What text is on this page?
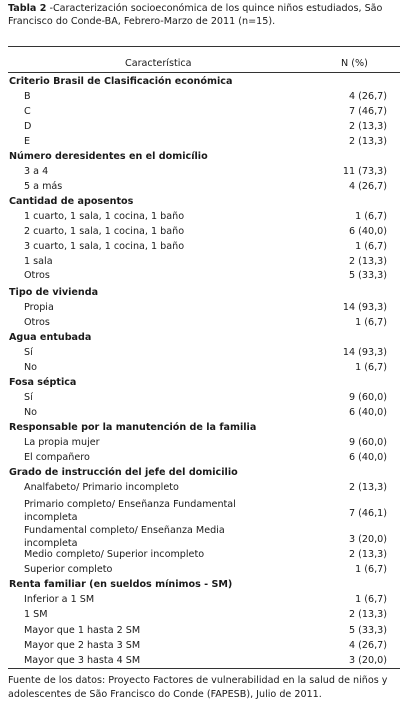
Tabla 2 -Caracterización socioeconómica de los quince niños estudiados, São Francisco do Conde-BA, Febrero-Marzo de 2011 (n=15).
Característica	N (%)
Criterio Brasil de Clasificación económica
B	4 (26,7)
C	7 (46,7)
D	2 (13,3)
E	2 (13,3)
Número deresidentes en el domicílio
3 a 4	11 (73,3)
5 a más	4 (26,7)
Cantidad de aposentos
1 cuarto, 1 sala, 1 cocina, 1 baño	1 (6,7)
2 cuarto, 1 sala, 1 cocina, 1 baño	6 (40,0)
3 cuarto, 1 sala, 1 cocina, 1 baño	1 (6,7)
1 sala	2 (13,3)
Otros	5 (33,3)
Tipo de vivienda
Propia	14 (93,3)
Otros	1 (6,7)
Agua entubada
Sí	14 (93,3)
No	1 (6,7)
Fosa séptica
Sí	9 (60,0)
No	6 (40,0)
Responsable por la manutención de la familia
La propia mujer	9 (60,0)
El compañero	6 (40,0)
Grado de instrucción del jefe del domicilio
Analfabeto/ Primario incompleto	2 (13,3)
Primario completo/ Enseñanza Fundamental incompleta	7 (46,1)
Fundamental completo/ Enseñanza Media incompleta	3 (20,0)
Medio completo/ Superior incompleto	2 (13,3)
Superior completo	1 (6,7)
Renta familiar (en sueldos mínimos - SM)
Inferior a 1 SM	1 (6,7)
1 SM	2 (13,3)
Mayor que 1 hasta 2 SM	5 (33,3)
Mayor que 2 hasta 3 SM	4 (26,7)
Mayor que 3 hasta 4 SM	3 (20,0)
Fuente de los datos: Proyecto Factores de vulnerabilidad en la salud de niños y adolescentes de São Francisco do Conde (FAPESB), Julio de 2011.
